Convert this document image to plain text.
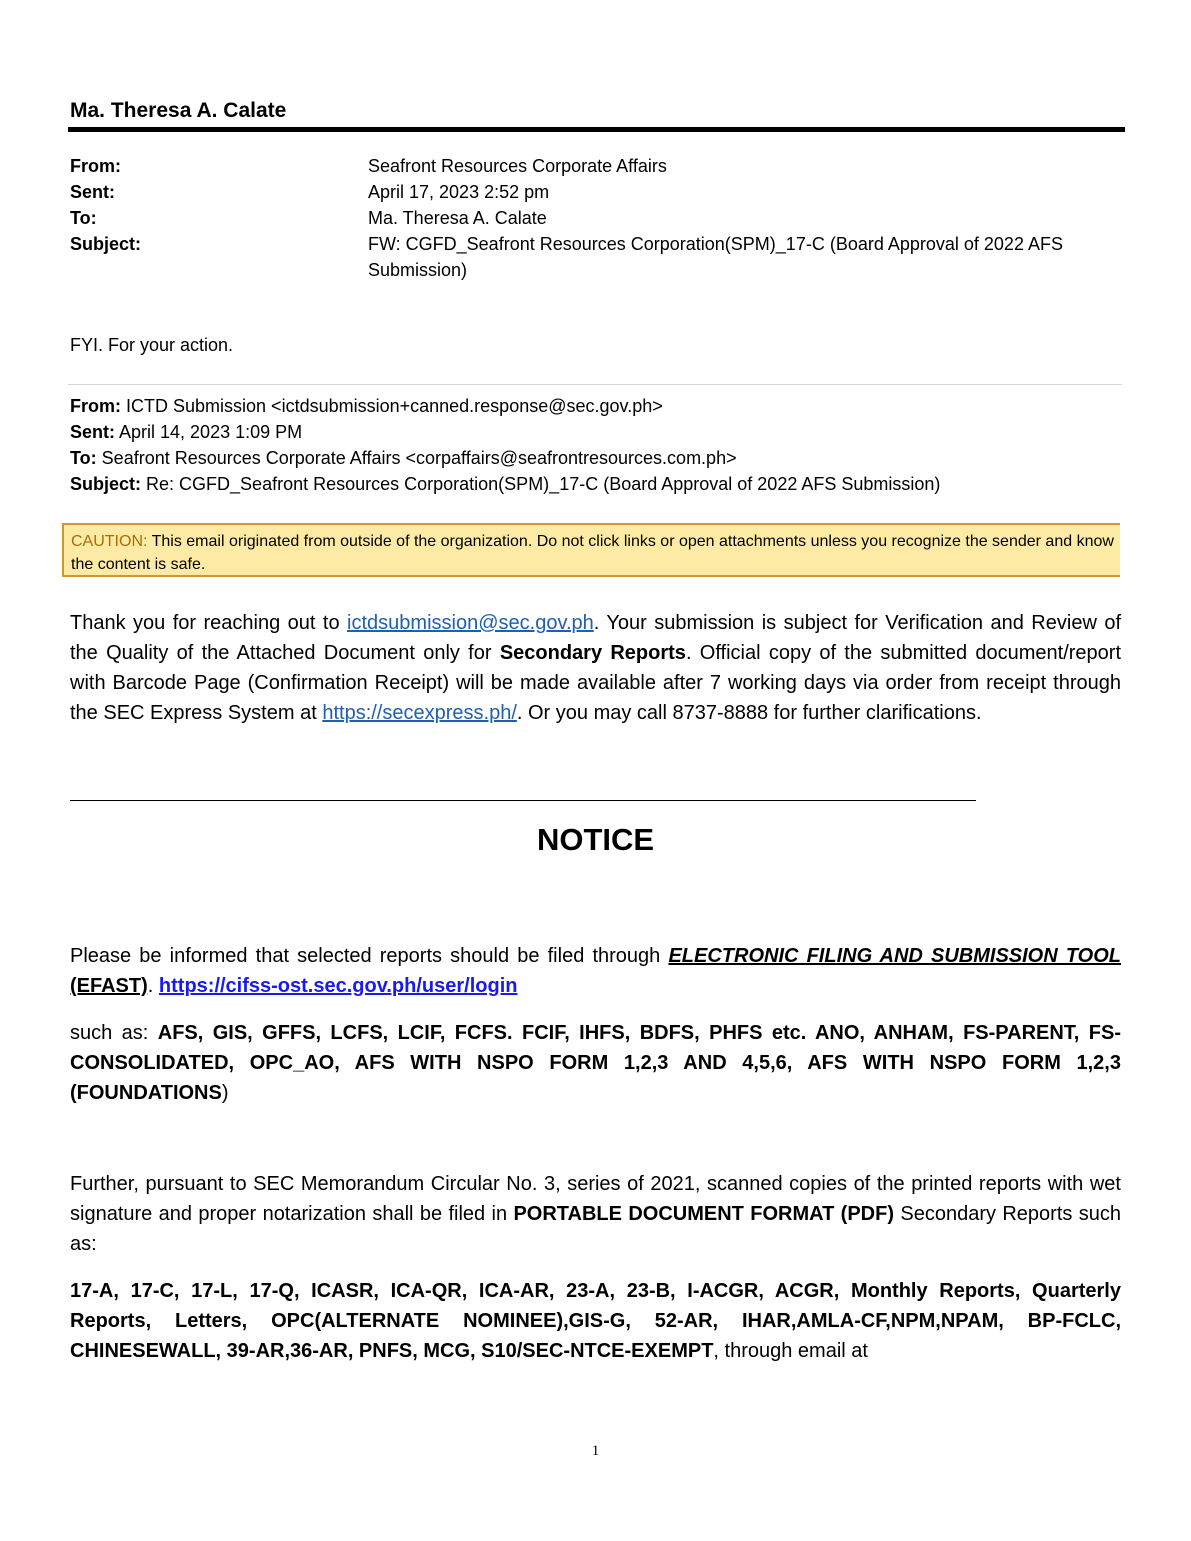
Ma. Theresa A. Calate
From:	Seafront Resources Corporate Affairs
Sent:	April 17, 2023 2:52 pm
To:	Ma. Theresa A. Calate
Subject:	FW: CGFD_Seafront Resources Corporation(SPM)_17-C (Board Approval of 2022 AFS Submission)
FYI. For your action.
From: ICTD Submission <ictdsubmission+canned.response@sec.gov.ph>
Sent: April 14, 2023 1:09 PM
To: Seafront Resources Corporate Affairs <corpaffairs@seafrontresources.com.ph>
Subject: Re: CGFD_Seafront Resources Corporation(SPM)_17-C (Board Approval of 2022 AFS Submission)
CAUTION: This email originated from outside of the organization. Do not click links or open attachments unless you recognize the sender and know the content is safe.
Thank you for reaching out to ictdsubmission@sec.gov.ph. Your submission is subject for Verification and Review of the Quality of the Attached Document only for Secondary Reports. Official copy of the submitted document/report with Barcode Page (Confirmation Receipt) will be made available after 7 working days via order from receipt through the SEC Express System at https://secexpress.ph/. Or you may call 8737-8888 for further clarifications.
NOTICE
Please be informed that selected reports should be filed through ELECTRONIC FILING AND SUBMISSION TOOL (EFAST). https://cifss-ost.sec.gov.ph/user/login
such as: AFS, GIS, GFFS, LCFS, LCIF, FCFS. FCIF, IHFS, BDFS, PHFS etc. ANO, ANHAM, FS-PARENT, FS-CONSOLIDATED, OPC_AO, AFS WITH NSPO FORM 1,2,3 AND 4,5,6, AFS WITH NSPO FORM 1,2,3 (FOUNDATIONS)
Further, pursuant to SEC Memorandum Circular No. 3, series of 2021, scanned copies of the printed reports with wet signature and proper notarization shall be filed in PORTABLE DOCUMENT FORMAT (PDF) Secondary Reports such as:
17-A, 17-C, 17-L, 17-Q, ICASR, ICA-QR, ICA-AR, 23-A, 23-B, I-ACGR, ACGR, Monthly Reports, Quarterly Reports, Letters, OPC(ALTERNATE NOMINEE),GIS-G, 52-AR, IHAR,AMLA-CF,NPM,NPAM, BP-FCLC, CHINESEWALL, 39-AR,36-AR, PNFS, MCG, S10/SEC-NTCE-EXEMPT, through email at
1
